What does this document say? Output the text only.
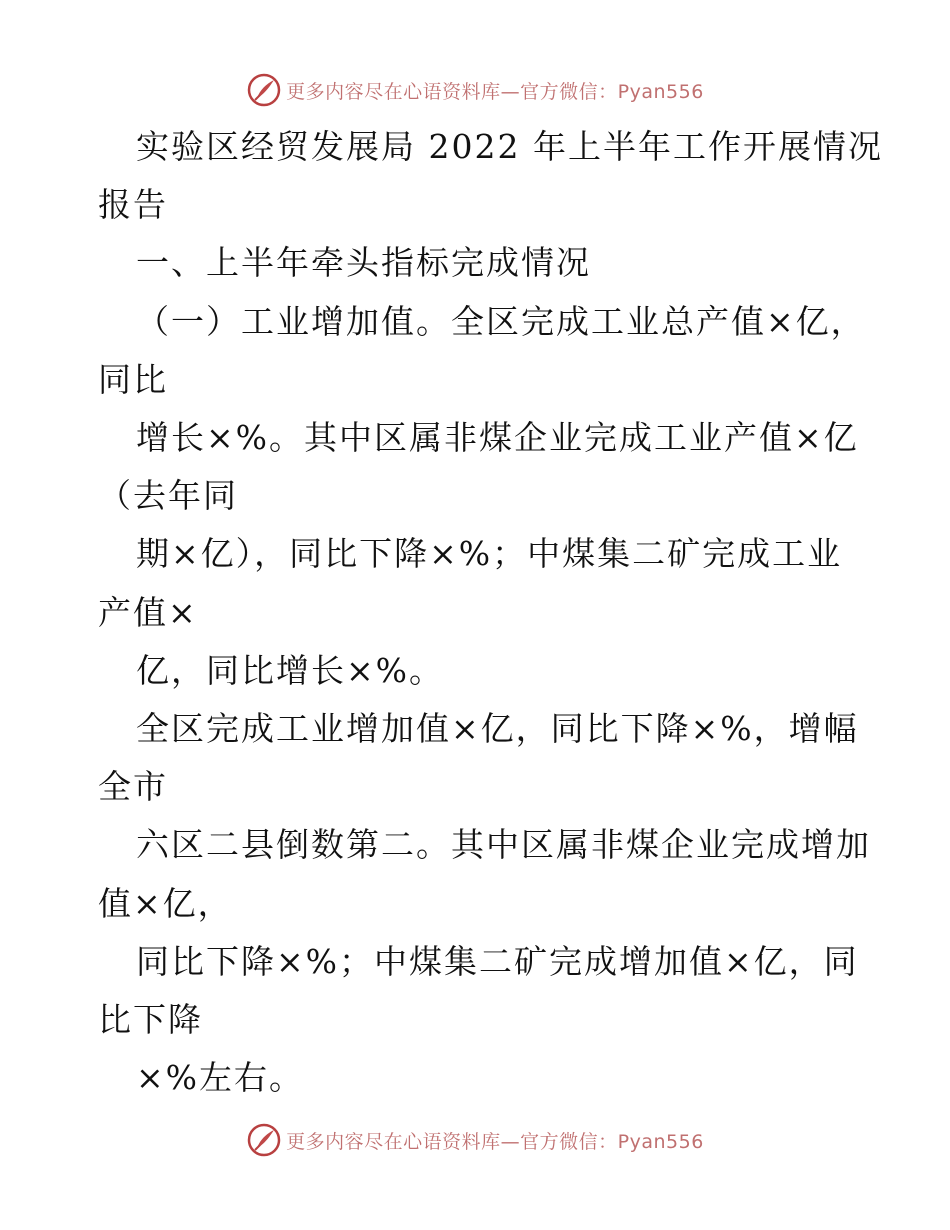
更多内容尽在心语资料库—官方微信：Pyan556
实验区经贸发展局 2022 年上半年工作开展情况
报告
一、上半年牵头指标完成情况
（一）工业增加值。全区完成工业总产值×亿，
同比
增长×%。其中区属非煤企业完成工业产值×亿
（去年同
期×亿），同比下降×%；中煤集二矿完成工业
产值×
亿，同比增长×%。
全区完成工业增加值×亿，同比下降×%，增幅
全市
六区二县倒数第二。其中区属非煤企业完成增加
值×亿，
同比下降×%；中煤集二矿完成增加值×亿，同
比下降
×%左右。
更多内容尽在心语资料库—官方微信：Pyan556
